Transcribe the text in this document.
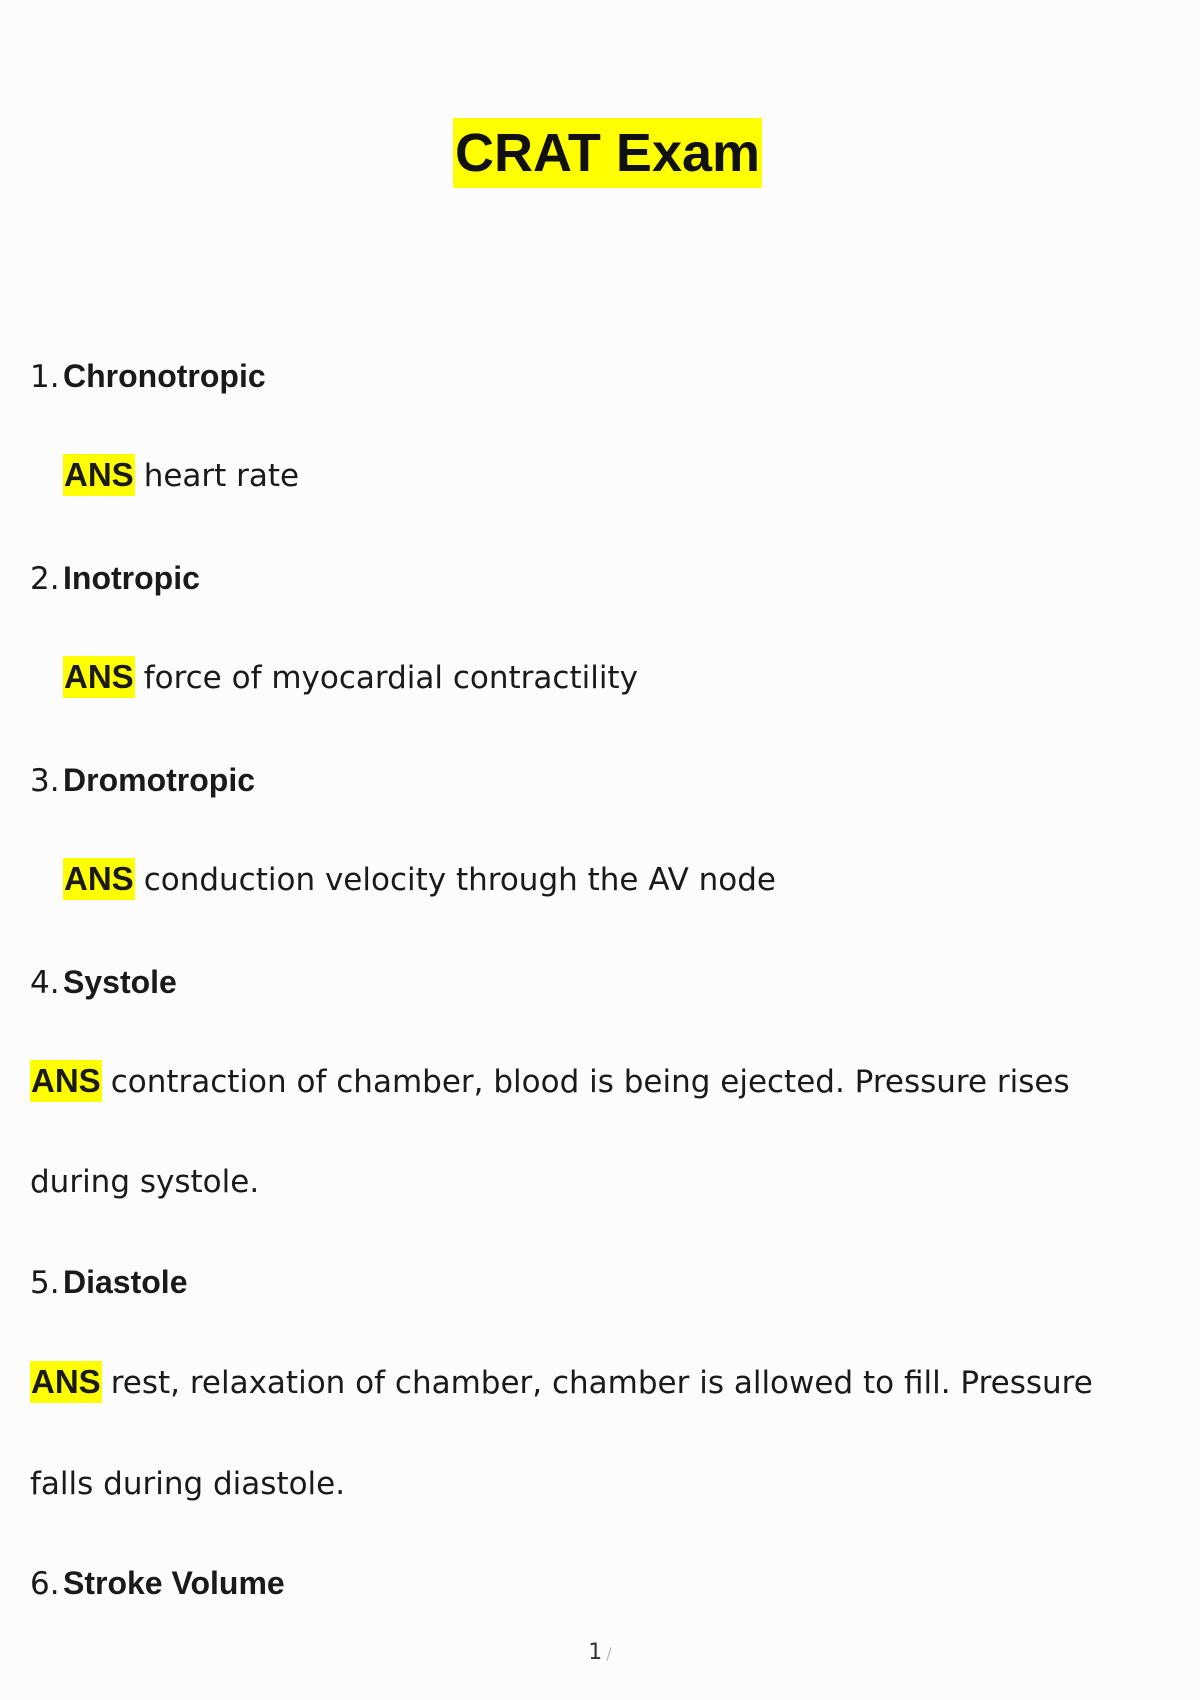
CRAT Exam
1. Chronotropic
ANS heart rate
2. Inotropic
ANS force of myocardial contractility
3. Dromotropic
ANS conduction velocity through the AV node
4. Systole
ANS contraction of chamber, blood is being ejected. Pressure rises
during systole.
5. Diastole
ANS rest, relaxation of chamber, chamber is allowed to fill. Pressure
falls during diastole.
6. Stroke Volume
1 /
